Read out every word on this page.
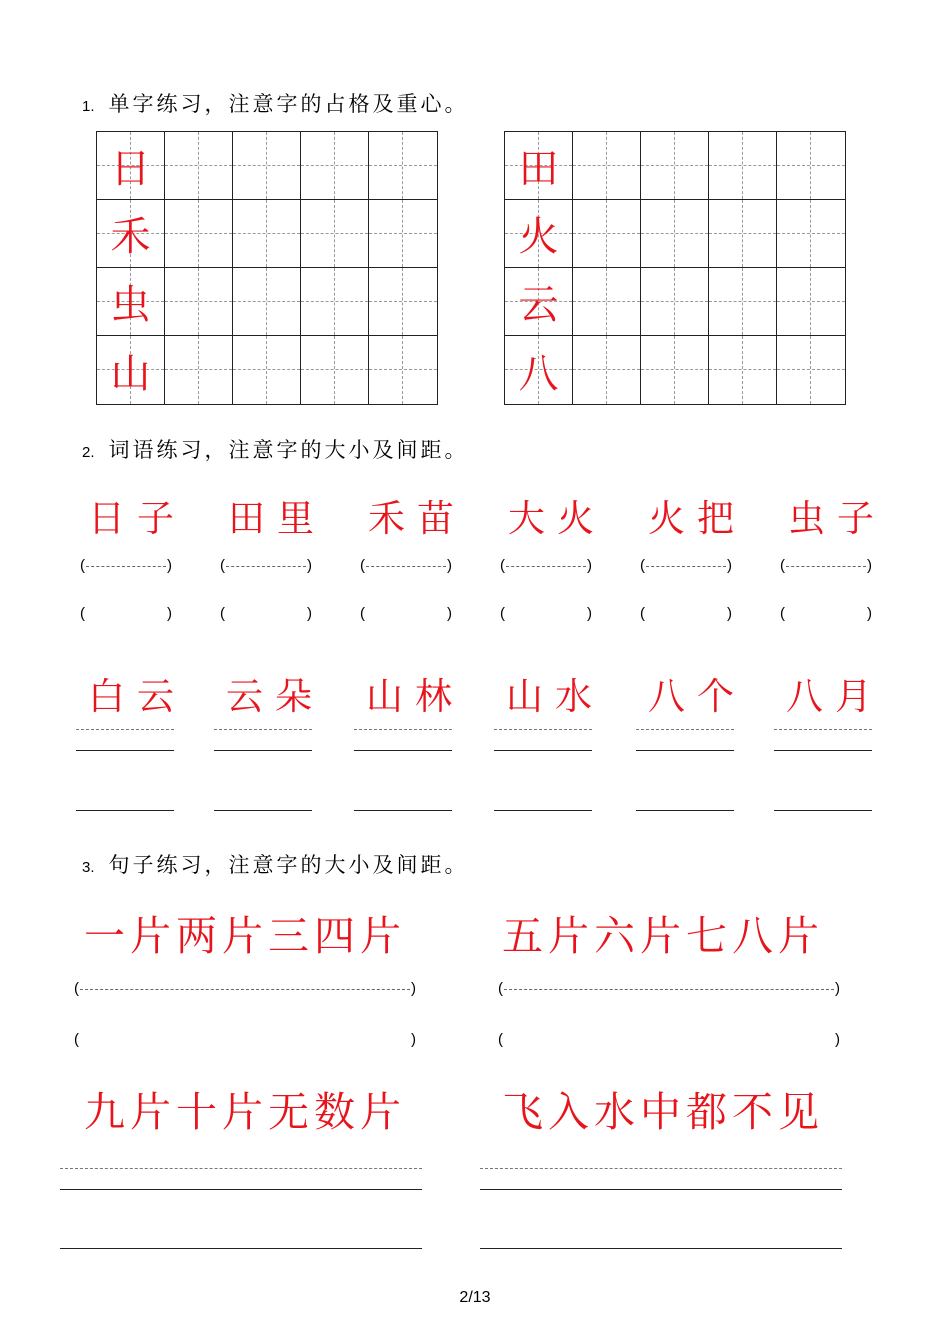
1. 单字练习，注意字的占格及重心。
日
禾
虫
山
田
火
云
八
2. 词语练习，注意字的大小及间距。
日子
(	)
(	)
田里
(	)
(	)
禾苗
(	)
(	)
大火
(	)
(	)
火把
(	)
(	)
虫子
(	)
(	)
白云 云朵 山林 山水 八个 八月
3. 句子练习，注意字的大小及间距。
一片两片三四片 五片六片七八片
(	)	(	)
(	)	(	)
九片十片无数片 飞入水中都不见
2/13
